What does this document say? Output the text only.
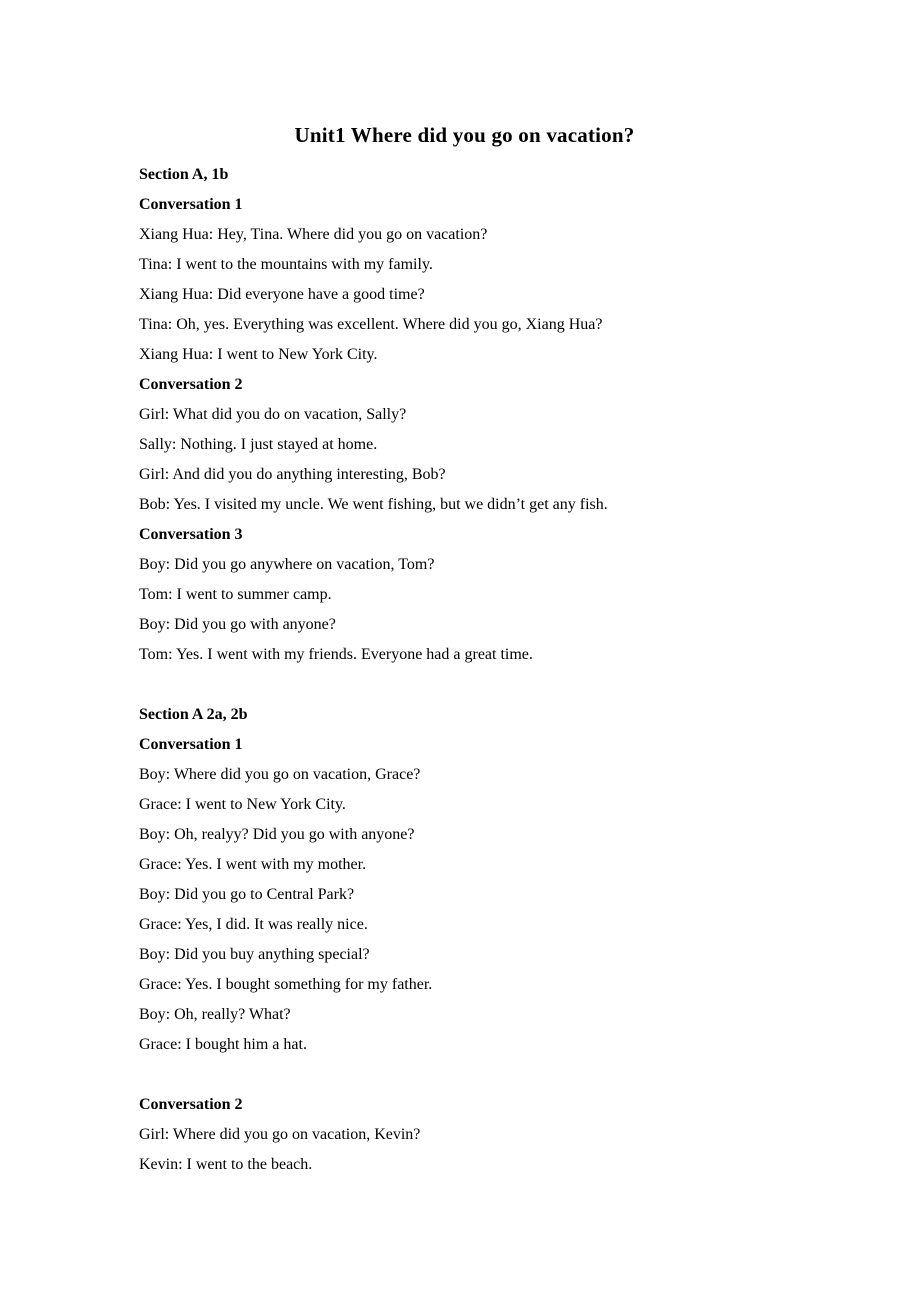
Unit1 Where did you go on vacation?

Section A, 1b

Conversation 1

Xiang Hua: Hey, Tina. Where did you go on vacation?

Tina: I went to the mountains with my family.

Xiang Hua: Did everyone have a good time?

Tina: Oh, yes. Everything was excellent. Where did you go, Xiang Hua?

Xiang Hua: I went to New York City.

Conversation 2

Girl: What did you do on vacation, Sally?

Sally: Nothing. I just stayed at home.

Girl: And did you do anything interesting, Bob?

Bob: Yes. I visited my uncle. We went fishing, but we didn’t get any fish.

Conversation 3

Boy: Did you go anywhere on vacation, Tom?

Tom: I went to summer camp.

Boy: Did you go with anyone?

Tom: Yes. I went with my friends. Everyone had a great time.

Section A 2a, 2b

Conversation 1

Boy: Where did you go on vacation, Grace?

Grace: I went to New York City.

Boy: Oh, realyy? Did you go with anyone?

Grace: Yes. I went with my mother.

Boy: Did you go to Central Park?

Grace: Yes, I did. It was really nice.

Boy: Did you buy anything special?

Grace: Yes. I bought something for my father.

Boy: Oh, really? What?

Grace: I bought him a hat.

Conversation 2

Girl: Where did you go on vacation, Kevin?

Kevin: I went to the beach.
